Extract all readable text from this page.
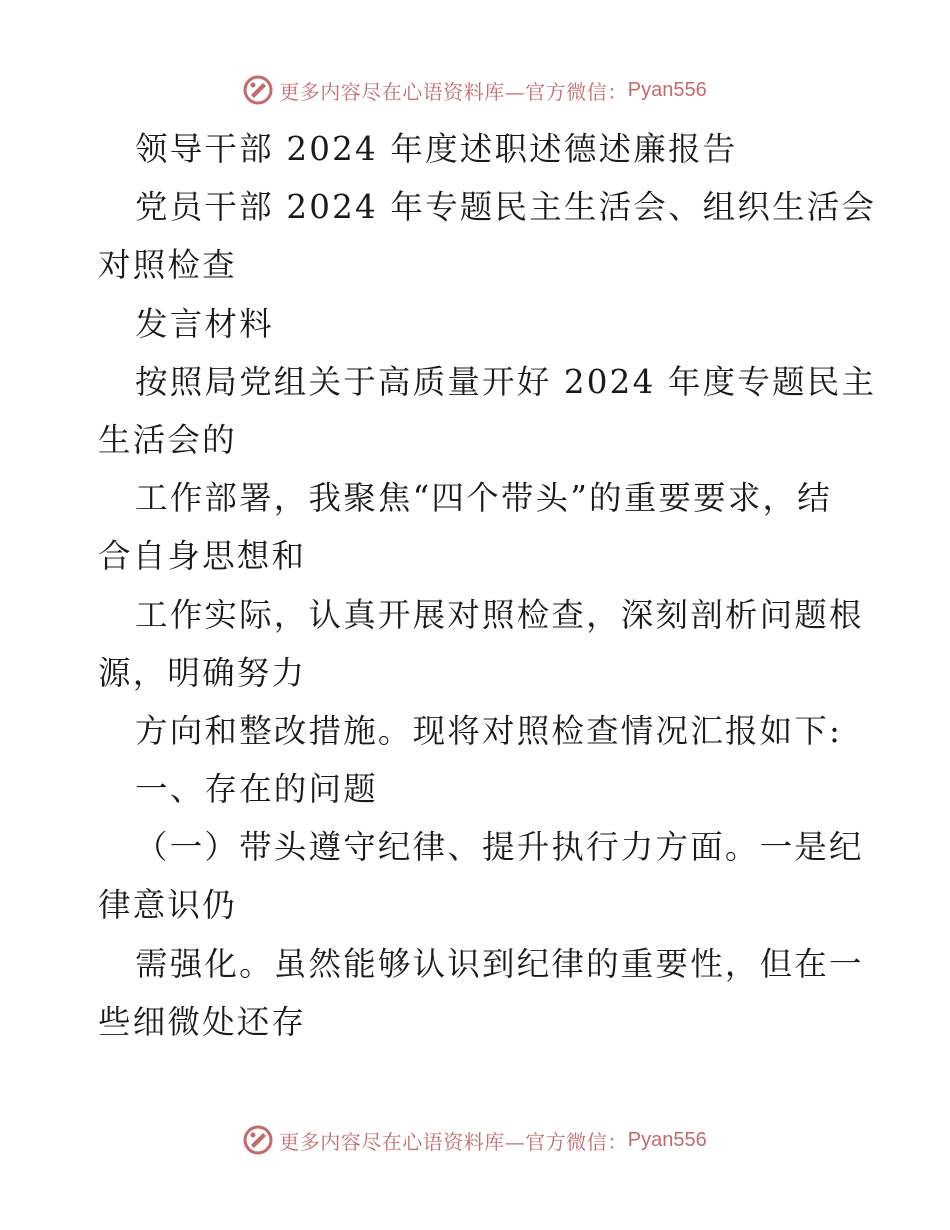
更多内容尽在心语资料库—官方微信： Pyan556
领导干部 2024 年度述职述德述廉报告
党员干部 2024 年专题民主生活会、组织生活会
对照检查
发言材料
按照局党组关于高质量开好 2024 年度专题民主
生活会的
工作部署，我聚焦“四个带头”的重要要求，结
合自身思想和
工作实际，认真开展对照检查，深刻剖析问题根
源，明确努力
方向和整改措施。现将对照检查情况汇报如下:
一、存在的问题
（一）带头遵守纪律、提升执行力方面。一是纪
律意识仍
需强化。虽然能够认识到纪律的重要性，但在一
些细微处还存
更多内容尽在心语资料库—官方微信： Pyan556
